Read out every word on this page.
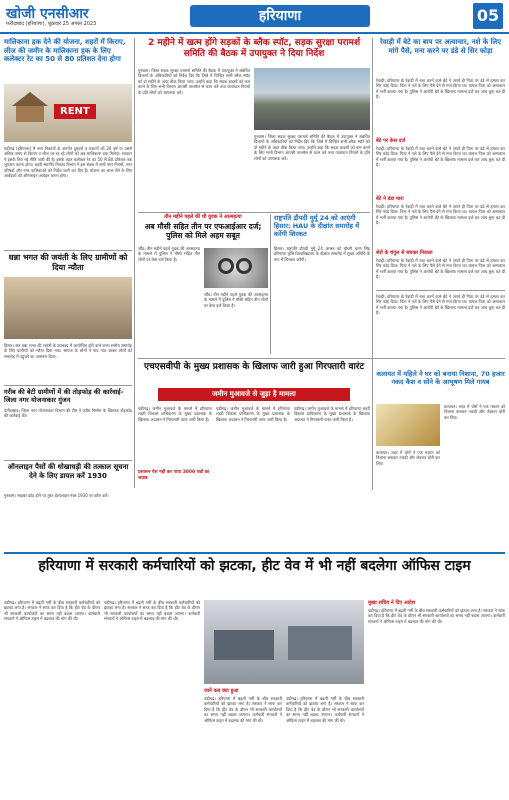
खोजी एनसीआर
फरीदाबाद (हरियाणा), शुक्रवार 25 अगस्त 2023	हरियाणा	05
मालिकाना हक देने की योजना, शहरों में किराए, लीज की जमीन के मालिकाना हक के लिए कलेक्टर रेट का 50 से 80 प्रतिशत देना होगा
RENT
चंडीगढ़ (हरियाणा) में नगर निकायों के अंतर्गत दुकानों व मकानों को 20 वर्ष या उससे अधिक समय से किराए व लीज पर रह रहे लोगों को अब मालिकाना हक मिलेगा। सरकार ने इसके लिए नई नीति जारी की है। इसके तहत कलेक्टर रेट का 50 से 80 प्रतिशत तक भुगतान करना होगा। शहरी स्थानीय निकाय विभाग ने इस संबंध में सभी नगर निगमों, नगर परिषदों और नगर पालिकाओं को निर्देश जारी कर दिए हैं। योजना का लाभ लेने के लिए आवेदकों को ऑनलाइन आवेदन करना होगा।
2 महीने में खत्म होंगे सड़कों के ब्लैक स्पॉट, सड़क सुरक्षा परामर्श समिति की बैठक में उपायुक्त ने दिया निर्देश
गुरुग्राम। जिला सड़क सुरक्षा परामर्श समिति की बैठक में उपायुक्त ने संबंधित विभागों के अधिकारियों को निर्देश दिए कि जिले में चिन्हित सभी ब्लैक स्पॉट को दो महीने के अंदर ठीक किया जाए। उन्होंने कहा कि सड़क हादसों को कम करने के लिए सभी विभाग आपसी तालमेल से काम करें तथा यातायात नियमों के प्रति लोगों को जागरूक करें।
गुरुग्राम। जिला सड़क सुरक्षा परामर्श समिति की बैठक में उपायुक्त ने संबंधित विभागों के अधिकारियों को निर्देश दिए कि जिले में चिन्हित सभी ब्लैक स्पॉट को दो महीने के अंदर ठीक किया जाए। उन्होंने कहा कि सड़क हादसों को कम करने के लिए सभी विभाग आपसी तालमेल से काम करें तथा यातायात नियमों के प्रति लोगों को जागरूक करें।
रेवाड़ी में बेटे का बाप पर अत्याचार, नशे के लिए मांगे पैसे, मना करने पर डंडे से सिर फोड़ा
रेवाड़ी। हरियाणा के रेवाड़ी में नशा करने वाले बेटे ने अपने ही पिता पर डंडे से हमला कर सिर फोड़ दिया। पिता ने नशे के लिए पैसे देने से मना किया था। घायल पिता को अस्पताल में भर्ती कराया गया है। पुलिस ने आरोपी बेटे के खिलाफ मामला दर्ज कर जांच शुरू कर दी है।
बेटे पर केस दर्ज
रेवाड़ी। हरियाणा के रेवाड़ी में नशा करने वाले बेटे ने अपने ही पिता पर डंडे से हमला कर सिर फोड़ दिया। पिता ने नशे के लिए पैसे देने से मना किया था। घायल पिता को अस्पताल में भर्ती कराया गया है। पुलिस ने आरोपी बेटे के खिलाफ मामला दर्ज कर जांच शुरू कर दी है।
बेटे ने डंडा मारा
रेवाड़ी। हरियाणा के रेवाड़ी में नशा करने वाले बेटे ने अपने ही पिता पर डंडे से हमला कर सिर फोड़ दिया। पिता ने नशे के लिए पैसे देने से मना किया था। घायल पिता को अस्पताल में भर्ती कराया गया है। पुलिस ने आरोपी बेटे के खिलाफ मामला दर्ज कर जांच शुरू कर दी है।
शेरों के चंगुल से बचकर निकला
रेवाड़ी। हरियाणा के रेवाड़ी में नशा करने वाले बेटे ने अपने ही पिता पर डंडे से हमला कर सिर फोड़ दिया। पिता ने नशे के लिए पैसे देने से मना किया था। घायल पिता को अस्पताल में भर्ती कराया गया है। पुलिस ने आरोपी बेटे के खिलाफ मामला दर्ज कर जांच शुरू कर दी है।
धन्ना भगत की जयंती के लिए ग्रामीणों को दिया न्यौता
हिसार। संत धन्ना भगत की जयंती के उपलक्ष्य में आयोजित होने वाले राज्य स्तरीय समारोह के लिए ग्रामीणों को न्यौता दिया गया। समाज के लोगों ने गांव गांव जाकर लोगों को समारोह में पहुंचने का आमंत्रण दिया।
गरीब की बेटी ग्रामीणों में की तोड़फोड़ की कार्रवाई-जिला नगर योजनाकार गुंजन
फरीदाबाद। जिला नगर योजनाकार विभाग की टीम ने अवैध निर्माण के खिलाफ तोड़फोड़ की कार्रवाई की।
ऑनलाइन पैसों की धोखाधड़ी की तत्काल सूचना देने के लिए डायल करें 1930
गुरुग्राम। साइबर फ्रॉड होने पर तुरंत हेल्पलाइन नंबर 1930 पर कॉल करें।
तीन महीने पहले की थी युवक ने आत्महत्या
अब मौसी सहित तीन पर एफआईआर दर्ज; पुलिस को मिले अहम सबूत
जींद। तीन महीने पहले युवक की आत्महत्या के मामले में पुलिस ने मौसी सहित तीन लोगों पर केस दर्ज किया है।
जींद। तीन महीने पहले युवक की आत्महत्या के मामले में पुलिस ने मौसी सहित तीन लोगों पर केस दर्ज किया है।
राष्ट्रपति द्रौपदी मुर्मू 24 को आएंगी हिसार: HAU के दीक्षांत समारोह में करेंगी शिरकत
हिसार। राष्ट्रपति द्रौपदी मुर्मू 24 अगस्त को चौधरी चरण सिंह हरियाणा कृषि विश्वविद्यालय के दीक्षांत समारोह में मुख्य अतिथि के रूप में शिरकत करेंगी।
रेवाड़ी। हरियाणा के रेवाड़ी में नशा करने वाले बेटे ने अपने ही पिता पर डंडे से हमला कर सिर फोड़ दिया। पिता ने नशे के लिए पैसे देने से मना किया था। घायल पिता को अस्पताल में भर्ती कराया गया है। पुलिस ने आरोपी बेटे के खिलाफ मामला दर्ज कर जांच शुरू कर दी है।
एचएसवीपी के मुख्य प्रशासक के खिलाफ जारी हुआ गिरफ्तारी वारंट
जमीन मुआवजे से जुड़ा है मामला
चंडीगढ़। जमीन मुआवजे के मामले में हरियाणा शहरी विकास प्राधिकरण के मुख्य प्रशासक के खिलाफ अदालत ने गिरफ्तारी वारंट जारी किया है।
चंडीगढ़। जमीन मुआवजे के मामले में हरियाणा शहरी विकास प्राधिकरण के मुख्य प्रशासक के खिलाफ अदालत ने गिरफ्तारी वारंट जारी किया है।
चंडीगढ़। जमीन मुआवजे के मामले में हरियाणा शहरी विकास प्राधिकरण के मुख्य प्रशासक के खिलाफ अदालत ने गिरफ्तारी वारंट जारी किया है।
प्रशासन पेश नहीं कर पाया 3000 पन्नों का जवाब
कलायत में महिले ने घर को बनाया निशाना, 70 हजार नकद कैश व सोने के आभूषण मिले गायब
कलायत। शहर में चोरों ने एक मकान को निशाना बनाकर नकदी और जेवरात चोरी कर लिए।
कलायत। शहर में चोरों ने एक मकान को निशाना बनाकर नकदी और जेवरात चोरी कर लिए।
हरियाणा में सरकारी कर्मचारियों को झटका, हीट वेव में भी नहीं बदलेगा ऑफिस टाइम
चंडीगढ़। हरियाणा में बढ़ती गर्मी के बीच सरकारी कर्मचारियों को झटका लगा है। सरकार ने साफ कर दिया है कि हीट वेव के दौरान भी सरकारी कार्यालयों का समय नहीं बदला जाएगा। कर्मचारी संगठनों ने ऑफिस टाइम में बदलाव की मांग की थी।
चंडीगढ़। हरियाणा में बढ़ती गर्मी के बीच सरकारी कर्मचारियों को झटका लगा है। सरकार ने साफ कर दिया है कि हीट वेव के दौरान भी सरकारी कार्यालयों का समय नहीं बदला जाएगा। कर्मचारी संगठनों ने ऑफिस टाइम में बदलाव की मांग की थी।
जानें कब क्या हुआ
चंडीगढ़। हरियाणा में बढ़ती गर्मी के बीच सरकारी कर्मचारियों को झटका लगा है। सरकार ने साफ कर दिया है कि हीट वेव के दौरान भी सरकारी कार्यालयों का समय नहीं बदला जाएगा। कर्मचारी संगठनों ने ऑफिस टाइम में बदलाव की मांग की थी।
चंडीगढ़। हरियाणा में बढ़ती गर्मी के बीच सरकारी कर्मचारियों को झटका लगा है। सरकार ने साफ कर दिया है कि हीट वेव के दौरान भी सरकारी कार्यालयों का समय नहीं बदला जाएगा। कर्मचारी संगठनों ने ऑफिस टाइम में बदलाव की मांग की थी।
मुख्य सचिव ने दिए आदेश
चंडीगढ़। हरियाणा में बढ़ती गर्मी के बीच सरकारी कर्मचारियों को झटका लगा है। सरकार ने साफ कर दिया है कि हीट वेव के दौरान भी सरकारी कार्यालयों का समय नहीं बदला जाएगा। कर्मचारी संगठनों ने ऑफिस टाइम में बदलाव की मांग की थी।
